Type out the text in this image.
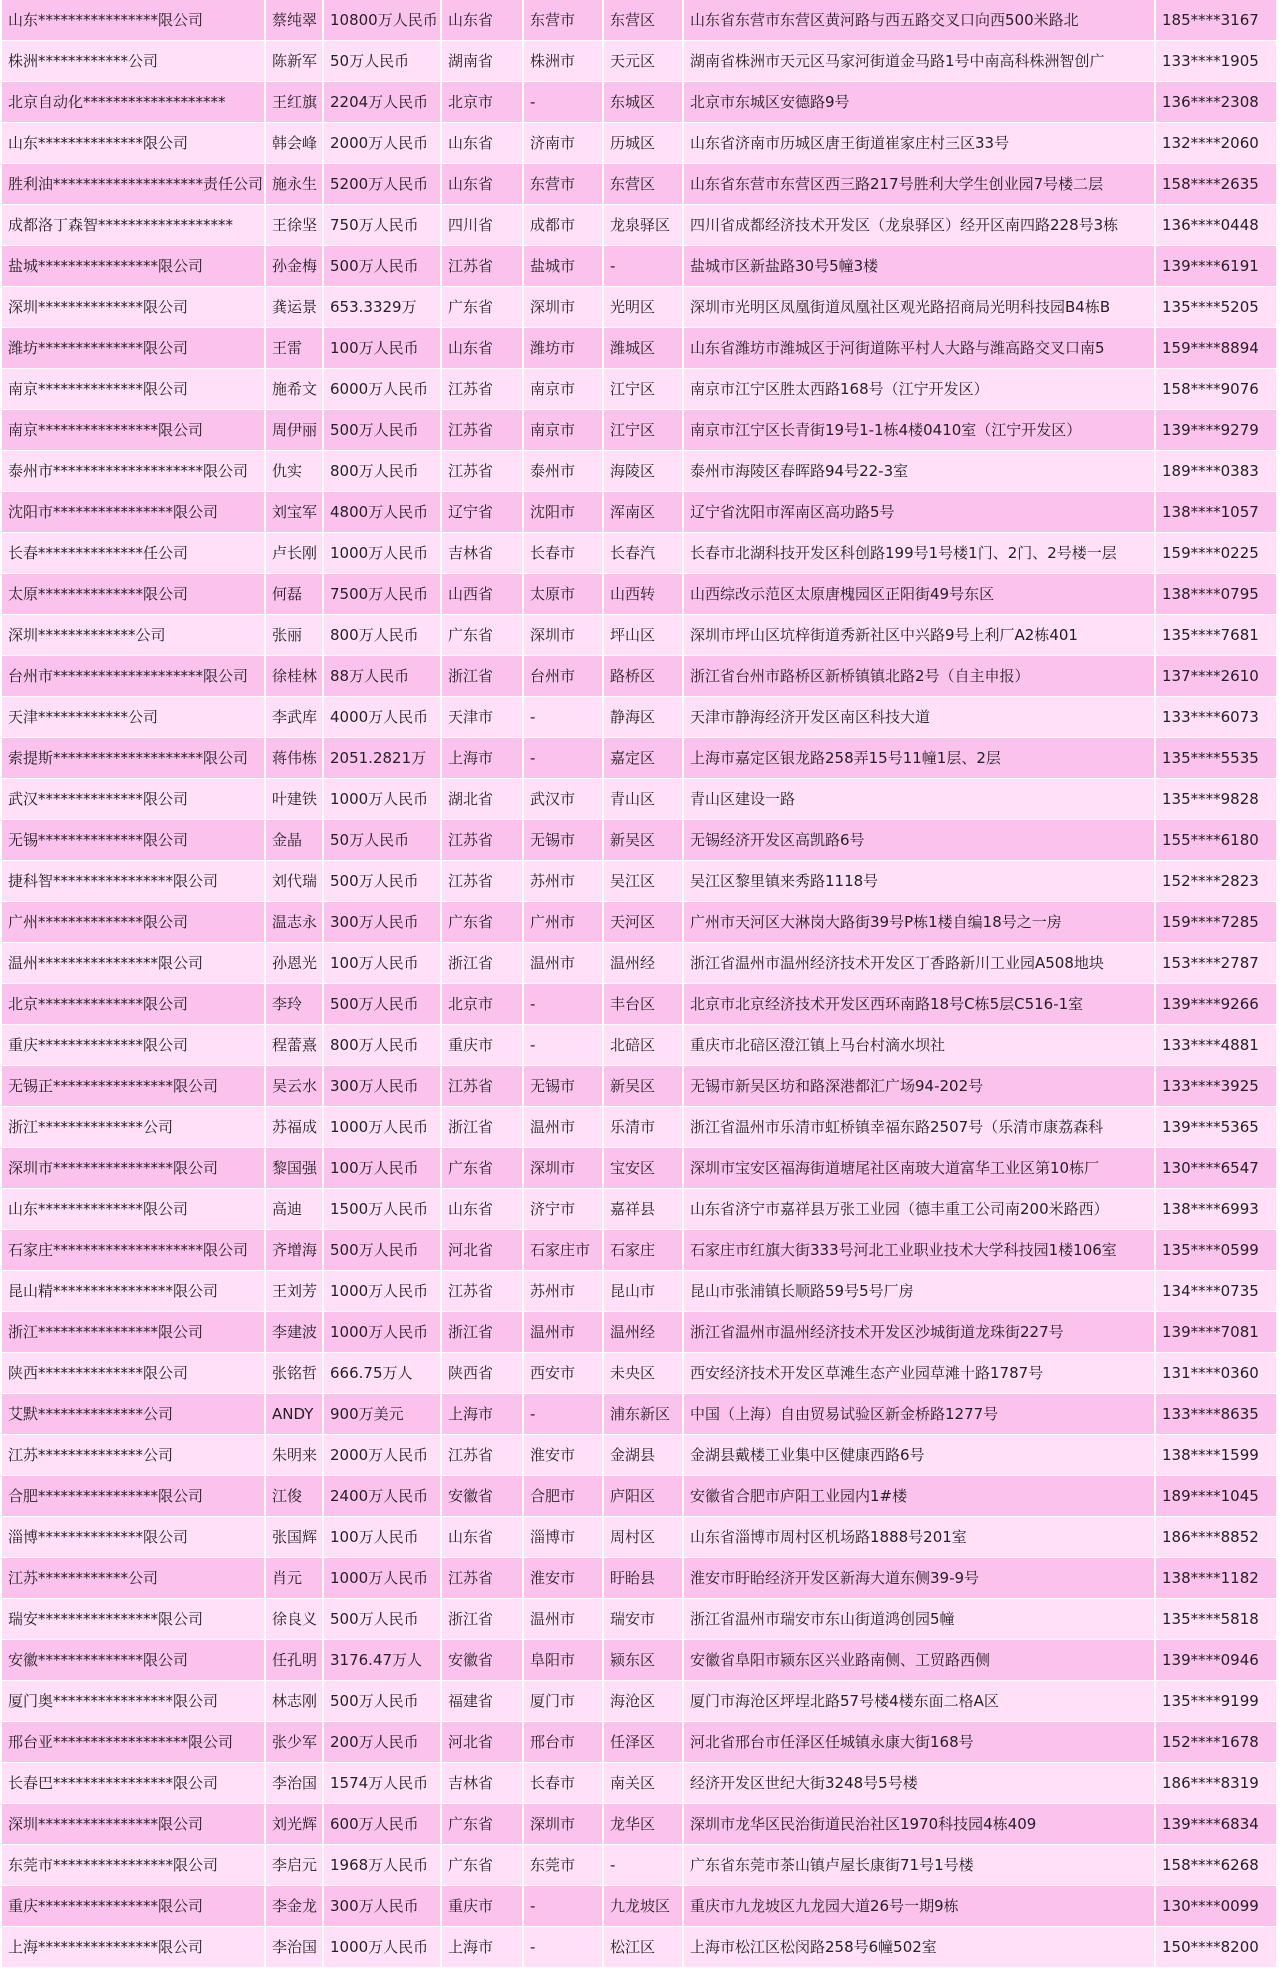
山东****************限公司	蔡纯翠	10800万人民币	山东省	东营市	东营区	山东省东营市东营区黄河路与西五路交叉口向西500米路北	185****3167
株洲************公司	陈新军	50万人民币	湖南省	株洲市	天元区	湖南省株洲市天元区马家河街道金马路1号中南高科株洲智创广	133****1905
北京自动化*******************	王红旗	2204万人民币	北京市	-	东城区	北京市东城区安德路9号	136****2308
山东**************限公司	韩会峰	2000万人民币	山东省	济南市	历城区	山东省济南市历城区唐王街道崔家庄村三区33号	132****2060
胜利油********************责任公司	施永生	5200万人民币	山东省	东营市	东营区	山东省东营市东营区西三路217号胜利大学生创业园7号楼二层	158****2635
成都洛丁森智******************	王徐坚	750万人民币	四川省	成都市	龙泉驿区	四川省成都经济技术开发区（龙泉驿区）经开区南四路228号3栋	136****0448
盐城****************限公司	孙金梅	500万人民币	江苏省	盐城市	-	盐城市区新盐路30号5幢3楼	139****6191
深圳**************限公司	龚运景	653.3329万	广东省	深圳市	光明区	深圳市光明区凤凰街道凤凰社区观光路招商局光明科技园B4栋B	135****5205
潍坊**************限公司	王雷	100万人民币	山东省	潍坊市	潍城区	山东省潍坊市潍城区于河街道陈平村人大路与潍高路交叉口南5	159****8894
南京**************限公司	施希文	6000万人民币	江苏省	南京市	江宁区	南京市江宁区胜太西路168号（江宁开发区）	158****9076
南京****************限公司	周伊丽	500万人民币	江苏省	南京市	江宁区	南京市江宁区长青街19号1-1栋4楼0410室（江宁开发区）	139****9279
泰州市********************限公司	仇实	800万人民币	江苏省	泰州市	海陵区	泰州市海陵区春晖路94号22-3室	189****0383
沈阳市****************限公司	刘宝军	4800万人民币	辽宁省	沈阳市	浑南区	辽宁省沈阳市浑南区高功路5号	138****1057
长春**************任公司	卢长刚	1000万人民币	吉林省	长春市	长春汽	长春市北湖科技开发区科创路199号1号楼1门、2门、2号楼一层	159****0225
太原**************限公司	何磊	7500万人民币	山西省	太原市	山西转	山西综改示范区太原唐槐园区正阳街49号东区	138****0795
深圳*************公司	张丽	800万人民币	广东省	深圳市	坪山区	深圳市坪山区坑梓街道秀新社区中兴路9号上利厂A2栋401	135****7681
台州市********************限公司	徐桂林	88万人民币	浙江省	台州市	路桥区	浙江省台州市路桥区新桥镇镇北路2号（自主申报）	137****2610
天津************公司	李武库	4000万人民币	天津市	-	静海区	天津市静海经济开发区南区科技大道	133****6073
索提斯********************限公司	蒋伟栋	2051.2821万	上海市	-	嘉定区	上海市嘉定区银龙路258弄15号11幢1层、2层	135****5535
武汉**************限公司	叶建铁	1000万人民币	湖北省	武汉市	青山区	青山区建设一路	135****9828
无锡**************限公司	金晶	50万人民币	江苏省	无锡市	新吴区	无锡经济开发区高凯路6号	155****6180
捷科智****************限公司	刘代瑞	500万人民币	江苏省	苏州市	吴江区	吴江区黎里镇来秀路1118号	152****2823
广州**************限公司	温志永	300万人民币	广东省	广州市	天河区	广州市天河区大淋岗大路街39号P栋1楼自编18号之一房	159****7285
温州****************限公司	孙恩光	100万人民币	浙江省	温州市	温州经	浙江省温州市温州经济技术开发区丁香路新川工业园A508地块	153****2787
北京**************限公司	李玲	500万人民币	北京市	-	丰台区	北京市北京经济技术开发区西环南路18号C栋5层C516-1室	139****9266
重庆**************限公司	程蕾熹	800万人民币	重庆市	-	北碚区	重庆市北碚区澄江镇上马台村滴水坝社	133****4881
无锡正****************限公司	吴云水	300万人民币	江苏省	无锡市	新吴区	无锡市新吴区坊和路深港都汇广场94-202号	133****3925
浙江**************公司	苏福成	1000万人民币	浙江省	温州市	乐清市	浙江省温州市乐清市虹桥镇幸福东路2507号（乐清市康荔森科	139****5365
深圳市****************限公司	黎国强	100万人民币	广东省	深圳市	宝安区	深圳市宝安区福海街道塘尾社区南玻大道富华工业区第10栋厂	130****6547
山东**************限公司	高迪	1500万人民币	山东省	济宁市	嘉祥县	山东省济宁市嘉祥县万张工业园（德丰重工公司南200米路西）	138****6993
石家庄********************限公司	齐增海	500万人民币	河北省	石家庄市	石家庄	石家庄市红旗大街333号河北工业职业技术大学科技园1楼106室	135****0599
昆山精****************限公司	王刘芳	1000万人民币	江苏省	苏州市	昆山市	昆山市张浦镇长顺路59号5号厂房	134****0735
浙江****************限公司	李建波	1000万人民币	浙江省	温州市	温州经	浙江省温州市温州经济技术开发区沙城街道龙珠街227号	139****7081
陕西**************限公司	张铭哲	666.75万人	陕西省	西安市	未央区	西安经济技术开发区草滩生态产业园草滩十路1787号	131****0360
艾默**************公司	ANDY	900万美元	上海市	-	浦东新区	中国（上海）自由贸易试验区新金桥路1277号	133****8635
江苏**************公司	朱明来	2000万人民币	江苏省	淮安市	金湖县	金湖县戴楼工业集中区健康西路6号	138****1599
合肥****************限公司	江俊	2400万人民币	安徽省	合肥市	庐阳区	安徽省合肥市庐阳工业园内1#楼	189****1045
淄博**************限公司	张国辉	100万人民币	山东省	淄博市	周村区	山东省淄博市周村区机场路1888号201室	186****8852
江苏************公司	肖元	1000万人民币	江苏省	淮安市	盱眙县	淮安市盱眙经济开发区新海大道东侧39-9号	138****1182
瑞安****************限公司	徐良义	500万人民币	浙江省	温州市	瑞安市	浙江省温州市瑞安市东山街道鸿创园5幢	135****5818
安徽**************限公司	任孔明	3176.47万人	安徽省	阜阳市	颍东区	安徽省阜阳市颍东区兴业路南侧、工贸路西侧	139****0946
厦门奥****************限公司	林志刚	500万人民币	福建省	厦门市	海沧区	厦门市海沧区坪埕北路57号楼4楼东面二格A区	135****9199
邢台亚******************限公司	张少军	200万人民币	河北省	邢台市	任泽区	河北省邢台市任泽区任城镇永康大街168号	152****1678
长春巴****************限公司	李治国	1574万人民币	吉林省	长春市	南关区	经济开发区世纪大街3248号5号楼	186****8319
深圳****************限公司	刘光辉	600万人民币	广东省	深圳市	龙华区	深圳市龙华区民治街道民治社区1970科技园4栋409	139****6834
东莞市****************限公司	李启元	1968万人民币	广东省	东莞市	-	广东省东莞市茶山镇卢屋长康街71号1号楼	158****6268
重庆****************限公司	李金龙	300万人民币	重庆市	-	九龙坡区	重庆市九龙坡区九龙园大道26号一期9栋	130****0099
上海****************限公司	李治国	1000万人民币	上海市	-	松江区	上海市松江区松闵路258号6幢502室	150****8200
